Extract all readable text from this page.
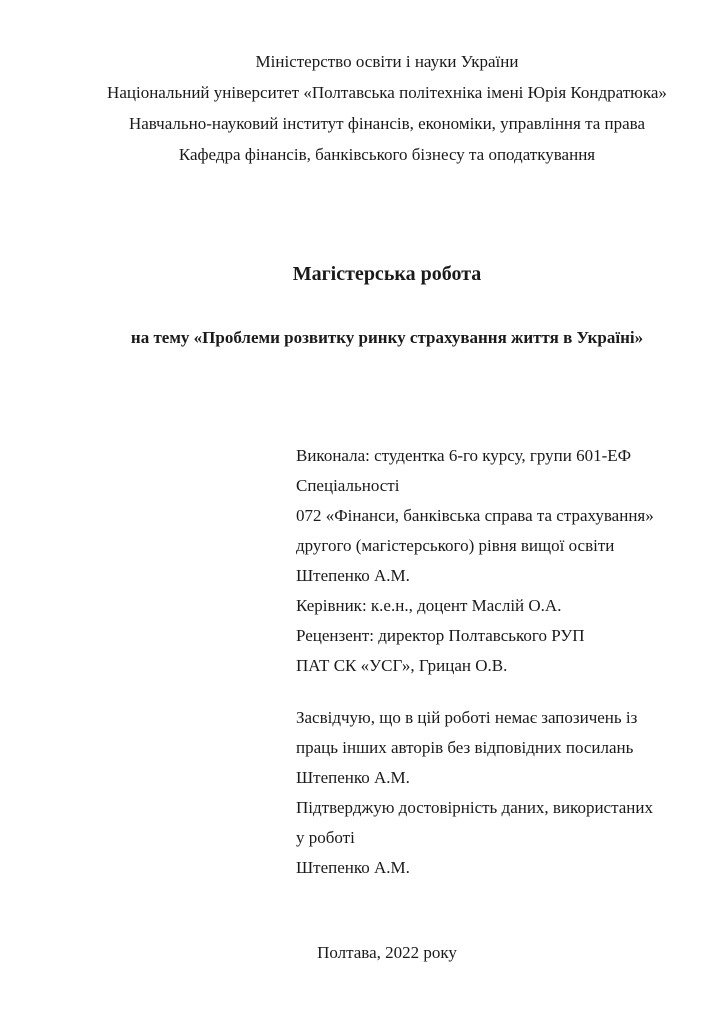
Міністерство освіти і науки України
Національний університет «Полтавська політехніка імені Юрія Кондратюка»
Навчально-науковий інститут фінансів, економіки, управління та права
Кафедра фінансів, банківського бізнесу та оподаткування
Магістерська робота
на тему «Проблеми розвитку ринку страхування життя в Україні»
Виконала: студентка 6-го курсу, групи 601-ЕФ
Спеціальності
072 «Фінанси, банківська справа та страхування»
другого (магістерського) рівня вищої освіти
Штепенко А.М.
Керівник: к.е.н., доцент Маслій О.А.
Рецензент: директор Полтавського РУП
ПАТ СК «УСГ», Грицан О.В.
Засвідчую, що в цій роботі немає запозичень із
праць інших авторів без відповідних посилань
Штепенко А.М.
Підтверджую достовірність даних, використаних
у роботі
Штепенко А.М.
Полтава, 2022 року
